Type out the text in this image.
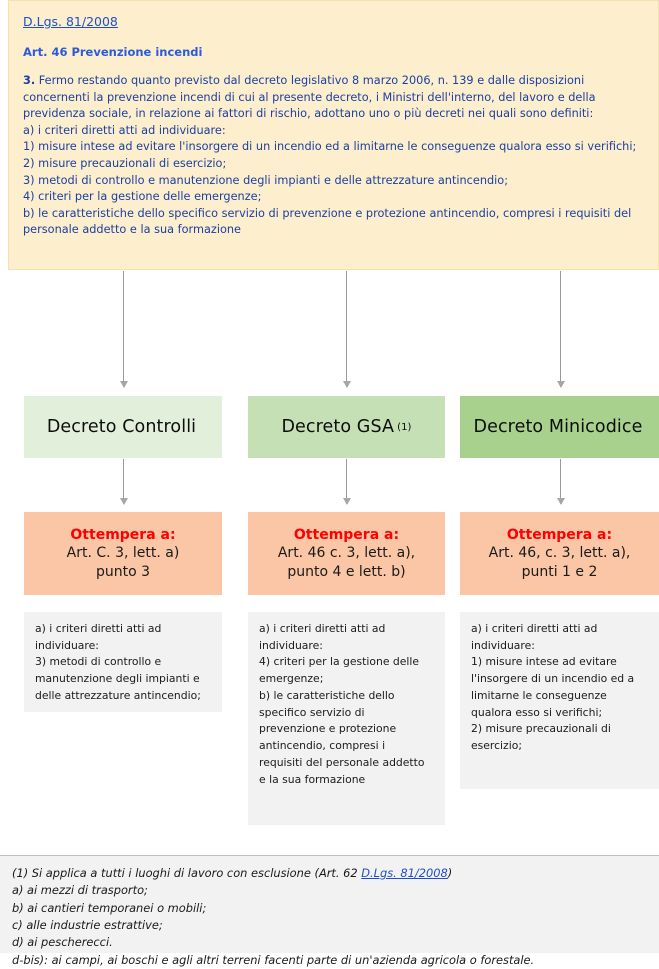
D.Lgs. 81/2008
Art. 46 Prevenzione incendi

3. Fermo restando quanto previsto dal decreto legislativo 8 marzo 2006, n. 139 e dalle disposizioni concernenti la prevenzione incendi di cui al presente decreto, i Ministri dell'interno, del lavoro e della previdenza sociale, in relazione ai fattori di rischio, adottano uno o più decreti nei quali sono definiti:

a) i criteri diretti atti ad individuare:

1) misure intese ad evitare l'insorgere di un incendio ed a limitarne le conseguenze qualora esso si verifichi;

2) misure precauzionali di esercizio;

3) metodi di controllo e manutenzione degli impianti e delle attrezzature antincendio;

4) criteri per la gestione delle emergenze;

b) le caratteristiche dello specifico servizio di prevenzione e protezione antincendio, compresi i requisiti del personale addetto e la sua formazione

Decreto Controlli	Decreto GSA (1)	Decreto Minicodice
Ottempera a:
Art. C. 3, lett. a)
punto 3
Ottempera a:
Art. 46 c. 3, lett. a),
punto 4 e lett. b)
Ottempera a:
Art. 46, c. 3, lett. a),
punti 1 e 2

a) i criteri diretti atti ad

individuare:

3) metodi di controllo e

manutenzione degli impianti e

delle attrezzature antincendio;

a) i criteri diretti atti ad

individuare:

4) criteri per la gestione delle

emergenze;

b) le caratteristiche dello

specifico servizio di

prevenzione e protezione

antincendio, compresi i

requisiti del personale addetto

e la sua formazione

a) i criteri diretti atti ad

individuare:

1) misure intese ad evitare

l'insorgere di un incendio ed a

limitarne le conseguenze

qualora esso si verifichi;

2) misure precauzionali di

esercizio;

(1) Si applica a tutti i luoghi di lavoro con esclusione (Art. 62 D.Lgs. 81/2008)

a) ai mezzi di trasporto;

b) ai cantieri temporanei o mobili;

c) alle industrie estrattive;

d) ai pescherecci.

d-bis): ai campi, ai boschi e agli altri terreni facenti parte di un'azienda agricola o forestale.
